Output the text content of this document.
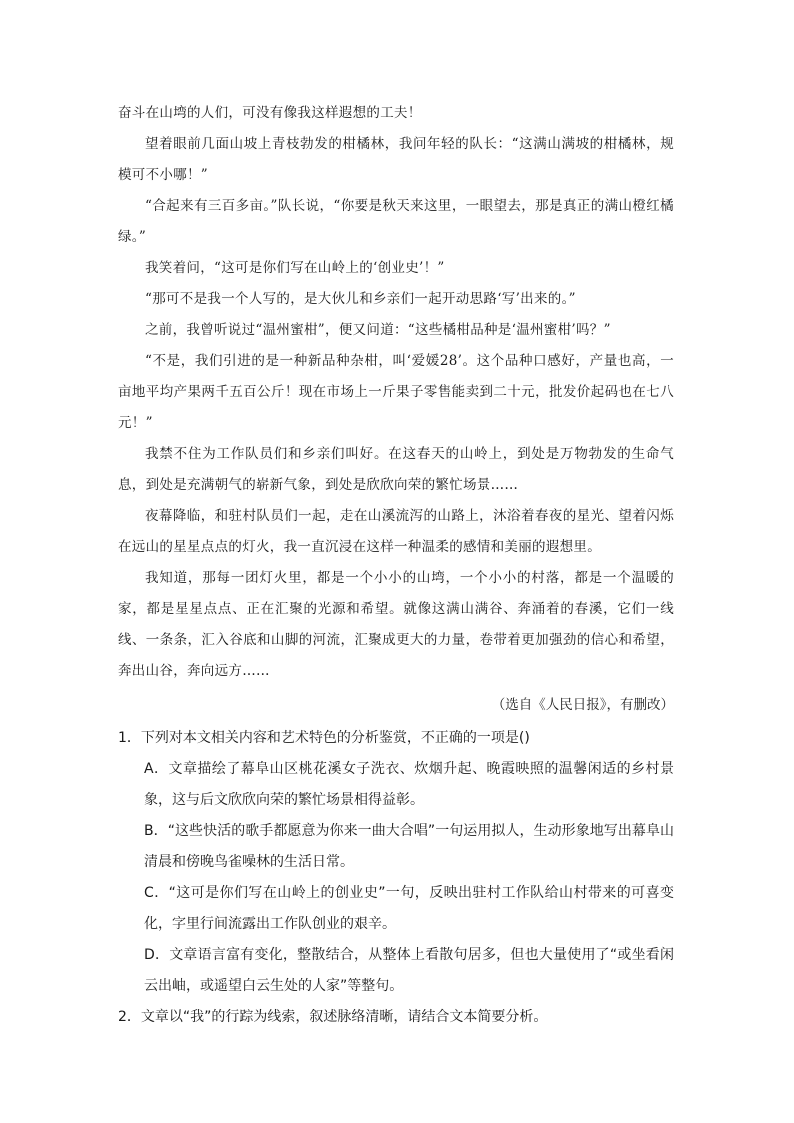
奋斗在山塆的人们，可没有像我这样遐想的工夫！

望着眼前几面山坡上青枝勃发的柑橘林，我问年轻的队长：“这满山满坡的柑橘林，规模可不小哪！”

“合起来有三百多亩。”队长说，“你要是秋天来这里，一眼望去，那是真正的满山橙红橘绿。”

我笑着问，“这可是你们写在山岭上的‘创业史’！”

“那可不是我一个人写的，是大伙儿和乡亲们一起开动思路‘写’出来的。”

之前，我曾听说过“温州蜜柑”，便又问道：“这些橘柑品种是‘温州蜜柑’吗？”

“不是，我们引进的是一种新品种杂柑，叫‘爱媛28’。这个品种口感好，产量也高，一亩地平均产果两千五百公斤！现在市场上一斤果子零售能卖到二十元，批发价起码也在七八元！”

我禁不住为工作队员们和乡亲们叫好。在这春天的山岭上，到处是万物勃发的生命气息，到处是充满朝气的崭新气象，到处是欣欣向荣的繁忙场景……

夜幕降临，和驻村队员们一起，走在山溪流泻的山路上，沐浴着春夜的星光、望着闪烁在远山的星星点点的灯火，我一直沉浸在这样一种温柔的感情和美丽的遐想里。

我知道，那每一团灯火里，都是一个小小的山塆，一个小小的村落，都是一个温暖的家，都是星星点点、正在汇聚的光源和希望。就像这满山满谷、奔涌着的春溪，它们一线线、一条条，汇入谷底和山脚的河流，汇聚成更大的力量，卷带着更加强劲的信心和希望，奔出山谷，奔向远方……

（选自《人民日报》，有删改）

1．下列对本文相关内容和艺术特色的分析鉴赏，不正确的一项是()

A．文章描绘了幕阜山区桃花溪女子洗衣、炊烟升起、晚霞映照的温馨闲适的乡村景象，这与后文欣欣向荣的繁忙场景相得益彰。

B．“这些快活的歌手都愿意为你来一曲大合唱”一句运用拟人，生动形象地写出幕阜山清晨和傍晚鸟雀噪林的生活日常。

C．“这可是你们写在山岭上的创业史”一句，反映出驻村工作队给山村带来的可喜变化，字里行间流露出工作队创业的艰辛。

D．文章语言富有变化，整散结合，从整体上看散句居多，但也大量使用了“或坐看闲云出岫，或遥望白云生处的人家”等整句。

2．文章以“我”的行踪为线索，叙述脉络清晰，请结合文本简要分析。
